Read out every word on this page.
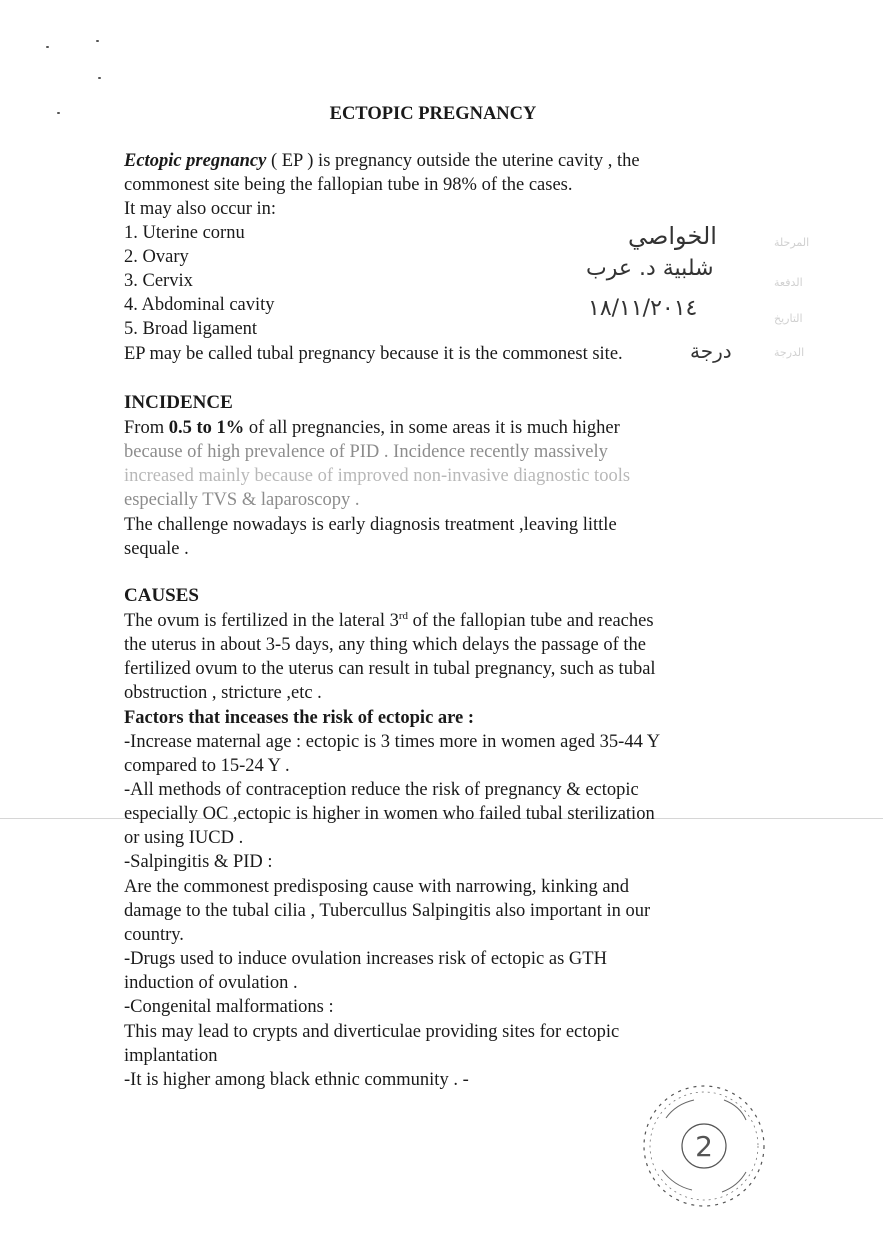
ECTOPIC PREGNANCY
Ectopic pregnancy ( EP ) is pregnancy outside the uterine cavity , the
commonest site being the fallopian tube in 98% of the cases.
It may also occur in:
1. Uterine cornu
2. Ovary
3. Cervix
4. Abdominal cavity
5. Broad ligament
EP may be called tubal pregnancy because it is the commonest site.
الخواصي
شلبية د. عرب
١٨/١١/٢٠١٤
درجة
المرحلة
الدفعة
التاريخ
الدرجة
INCIDENCE
From 0.5 to 1% of all pregnancies, in some areas it is much higher
because of high prevalence of PID . Incidence recently massively
increased mainly because of improved non-invasive diagnostic tools
especially TVS & laparoscopy .
The challenge nowadays is early diagnosis treatment ,leaving little
sequale .
CAUSES
The ovum is fertilized in the lateral 3rd of the fallopian tube and reaches
the uterus in about 3-5 days, any thing which delays the passage of the
fertilized ovum to the uterus can result in tubal pregnancy, such as tubal
obstruction , stricture ,etc .
Factors that inceases the risk of ectopic are :
-Increase maternal age : ectopic is 3 times more in women aged 35-44 Y
compared to 15-24 Y .
-All methods of contraception reduce the risk of pregnancy & ectopic
especially OC ,ectopic is higher in women who failed tubal sterilization
or using IUCD .
-Salpingitis & PID :
Are the commonest predisposing cause with narrowing, kinking and
damage to the tubal cilia , Tubercullus Salpingitis also important in our
country.
-Drugs used to induce ovulation increases risk of ectopic as GTH
induction of ovulation .
-Congenital malformations :
This may lead to crypts and diverticulae providing sites for ectopic
implantation
-It is higher among black ethnic community . -
2
